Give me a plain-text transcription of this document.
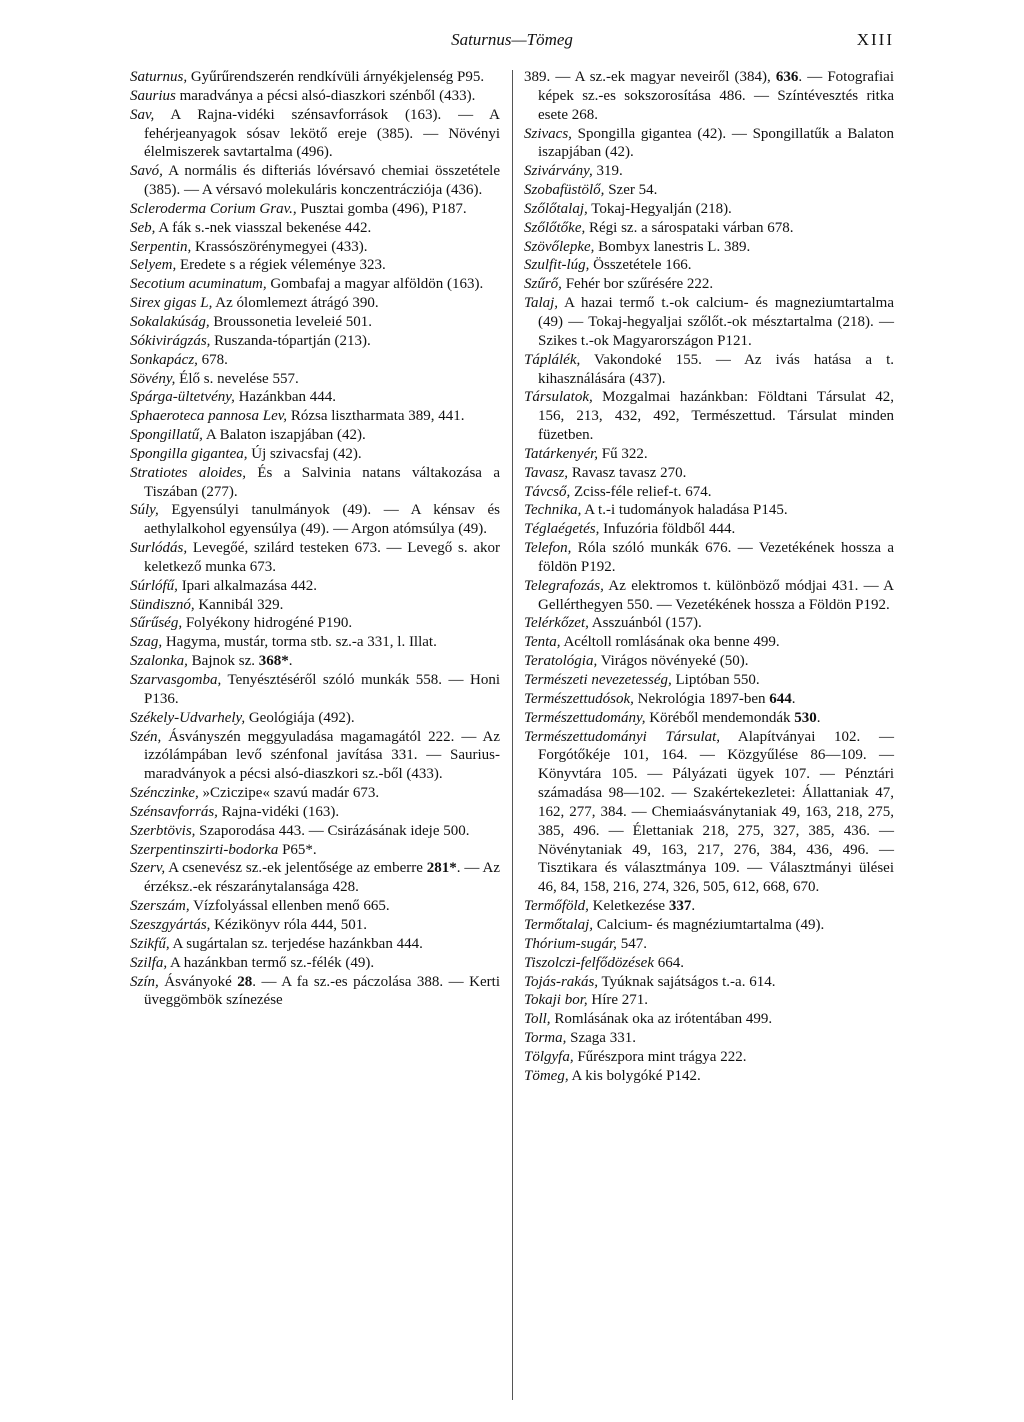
Saturnus—Tömeg	XIII

Saturnus, Gyűrűrendszerén rendkívüli árnyékjelenség P95.

Saurius maradványa a pécsi alsó-diaszkori szénből (433).

Sav, A Rajna-vidéki szénsavforrások (163). — A fehérjeanyagok sósav lekötő ereje (385). — Növényi élelmiszerek savtartalma (496).

Savó, A normális és difteriás lóvérsavó chemiai összetétele (385). — A vérsavó molekuláris konczentrácziója (436).

Scleroderma Corium Grav., Pusztai gomba (496), P187.

Seb, A fák s.-nek viasszal bekenése 442.

Serpentin, Krassószörénymegyei (433).

Selyem, Eredete s a régiek véleménye 323.

Secotium acuminatum, Gombafaj a magyar alföldön (163).

Sirex gigas L, Az ólomlemezt átrágó 390.

Sokalakúság, Broussonetia leveleié 501.

Sókivirágzás, Ruszanda-tópartján (213).

Sonkapácz, 678.

Sövény, Élő s. nevelése 557.

Spárga-ültetvény, Hazánkban 444.

Sphaeroteca pannosa Lev, Rózsa lisztharmata 389, 441.

Spongillatű, A Balaton iszapjában (42).

Spongilla gigantea, Új szivacsfaj (42).

Stratiotes aloides, És a Salvinia natans váltakozása a Tiszában (277).

Súly, Egyensúlyi tanulmányok (49). — A kénsav és aethylalkohol egyensúlya (49). — Argon atómsúlya (49).

Surlódás, Levegőé, szilárd testeken 673. — Levegő s. akor keletkező munka 673.

Súrlófű, Ipari alkalmazása 442.

Sündisznó, Kannibál 329.

Sűrűség, Folyékony hidrogéné P190.

Szag, Hagyma, mustár, torma stb. sz.-a 331, l. Illat.

Szalonka, Bajnok sz. 368*.

Szarvasgomba, Tenyésztéséről szóló munkák 558. — Honi P136.

Székely-Udvarhely, Geológiája (492).

Szén, Ásványszén meggyuladása magamagától 222. — Az izzólámpában levő szénfonal javítása 331. — Saurius-maradványok a pécsi alsó-diaszkori sz.-ből (433).

Szénczinke, »Cziczipe« szavú madár 673.

Szénsavforrás, Rajna-vidéki (163).

Szerbtövis, Szaporodása 443. — Csirázásának ideje 500.

Szerpentinszirti-bodorka P65*.

Szerv, A csenevész sz.-ek jelentősége az emberre 281*. — Az érzéksz.-ek részaránytalansága 428.

Szerszám, Vízfolyással ellenben menő 665.

Szeszgyártás, Kézikönyv róla 444, 501.

Szikfű, A sugártalan sz. terjedése hazánkban 444.

Szilfa, A hazánkban termő sz.-félék (49).

Szín, Ásványoké 28. — A fa sz.-es páczolása 388. — Kerti üveggömbök színezése

389. — A sz.-ek magyar neveiről (384), 636. — Fotografiai képek sz.-es sokszorosítása 486. — Színtévesztés ritka esete 268.

Szivacs, Spongilla gigantea (42). — Spongillatűk a Balaton iszapjában (42).

Szivárvány, 319.

Szobafüstölő, Szer 54.

Szőlőtalaj, Tokaj-Hegyalján (218).

Szőlőtőke, Régi sz. a sárospataki várban 678.

Szövőlepke, Bombyx lanestris L. 389.

Szulfit-lúg, Összetétele 166.

Szűrő, Fehér bor szűrésére 222.

Talaj, A hazai termő t.-ok calcium- és magneziumtartalma (49) — Tokaj-hegyaljai szőlőt.-ok mésztartalma (218). — Szikes t.-ok Magyarországon P121.

Táplálék, Vakondoké 155. — Az ivás hatása a t. kihasználására (437).

Társulatok, Mozgalmai hazánkban: Földtani Társulat 42, 156, 213, 432, 492, Természettud. Társulat minden füzetben.

Tatárkenyér, Fű 322.

Tavasz, Ravasz tavasz 270.

Távcső, Zciss-féle relief-t. 674.

Technika, A t.-i tudományok haladása P145.

Téglaégetés, Infuzória földből 444.

Telefon, Róla szóló munkák 676. — Vezetékének hossza a földön P192.

Telegrafozás, Az elektromos t. különböző módjai 431. — A Gellérthegyen 550. — Vezetékének hossza a Földön P192.

Telérkőzet, Asszuánból (157).

Tenta, Acéltoll romlásának oka benne 499.

Teratológia, Virágos növényeké (50).

Természeti nevezetesség, Liptóban 550.

Természettudósok, Nekrológia 1897-ben 644.

Természettudomány, Köréből mendemondák 530.

Természettudományi Társulat, Alapítványai 102. — Forgótőkéje 101, 164. — Közgyűlése 86—109. — Könyvtára 105. — Pályázati ügyek 107. — Pénztári számadása 98—102. — Szakértekezletei: Állattaniak 47, 162, 277, 384. — Chemiaásványtaniak 49, 163, 218, 275, 385, 496. — Élettaniak 218, 275, 327, 385, 436. — Növénytaniak 49, 163, 217, 276, 384, 436, 496. — Tisztikara és választmánya 109. — Választmányi ülései 46, 84, 158, 216, 274, 326, 505, 612, 668, 670.

Termőföld, Keletkezése 337.

Termőtalaj, Calcium- és magnéziumtartalma (49).

Thórium-sugár, 547.

Tiszolczi-felfődözések 664.

Tojás-rakás, Tyúknak sajátságos t.-a. 614.

Tokaji bor, Híre 271.

Toll, Romlásának oka az irótentában 499.

Torma, Szaga 331.

Tölgyfa, Fűrészpora mint trágya 222.

Tömeg, A kis bolygóké P142.
